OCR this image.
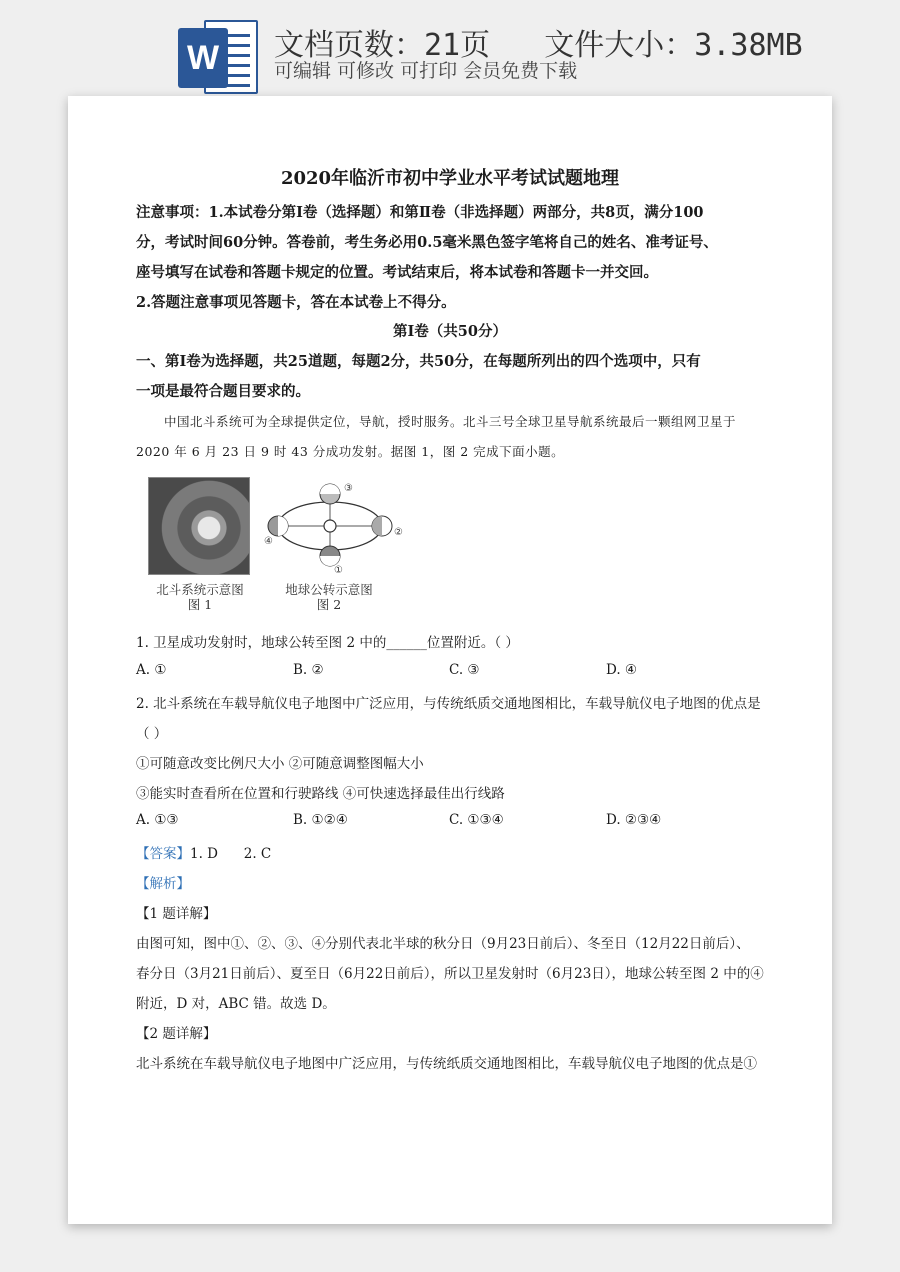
W 文档页数：21页   文件大小：3.38MB
可编辑 可修改 可打印 会员免费下载
2020年临沂市初中学业水平考试试题地理
注意事项：1.本试卷分第Ⅰ卷（选择题）和第Ⅱ卷（非选择题）两部分，共8页，满分100
分，考试时间60分钟。答卷前，考生务必用0.5毫米黑色签字笔将自己的姓名、准考证号、
座号填写在试卷和答题卡规定的位置。考试结束后，将本试卷和答题卡一并交回。
2.答题注意事项见答题卡，答在本试卷上不得分。
第Ⅰ卷（共50分）
一、第Ⅰ卷为选择题，共25道题，每题2分，共50分，在每题所列出的四个选项中，只有
一项是最符合题目要求的。
中国北斗系统可为全球提供定位，导航，授时服务。北斗三号全球卫星导航系统最后一颗组网卫星于
2020 年 6 月 23 日 9 时 43 分成功发射。据图 1，图 2 完成下面小题。
北斗系统示意图
图 1
①
②
③
④
地球公转示意图
图 2
1. 卫星成功发射时，地球公转至图 2 中的______位置附近。（ ）
A. ①	B. ②	C. ③	D. ④
2. 北斗系统在车载导航仪电子地图中广泛应用，与传统纸质交通地图相比，车载导航仪电子地图的优点是
（ ）
①可随意改变比例尺大小 ②可随意调整图幅大小
③能实时查看所在位置和行驶路线 ④可快速选择最佳出行线路
A. ①③	B. ①②④	C. ①③④	D. ②③④
【答案】1. D      2. C
【解析】
【1 题详解】
由图可知，图中①、②、③、④分别代表北半球的秋分日（9月23日前后）、冬至日（12月22日前后）、
春分日（3月21日前后）、夏至日（6月22日前后），所以卫星发射时（6月23日），地球公转至图 2 中的④
附近，D 对，ABC 错。故选 D。
【2 题详解】
北斗系统在车载导航仪电子地图中广泛应用，与传统纸质交通地图相比，车载导航仪电子地图的优点是①
